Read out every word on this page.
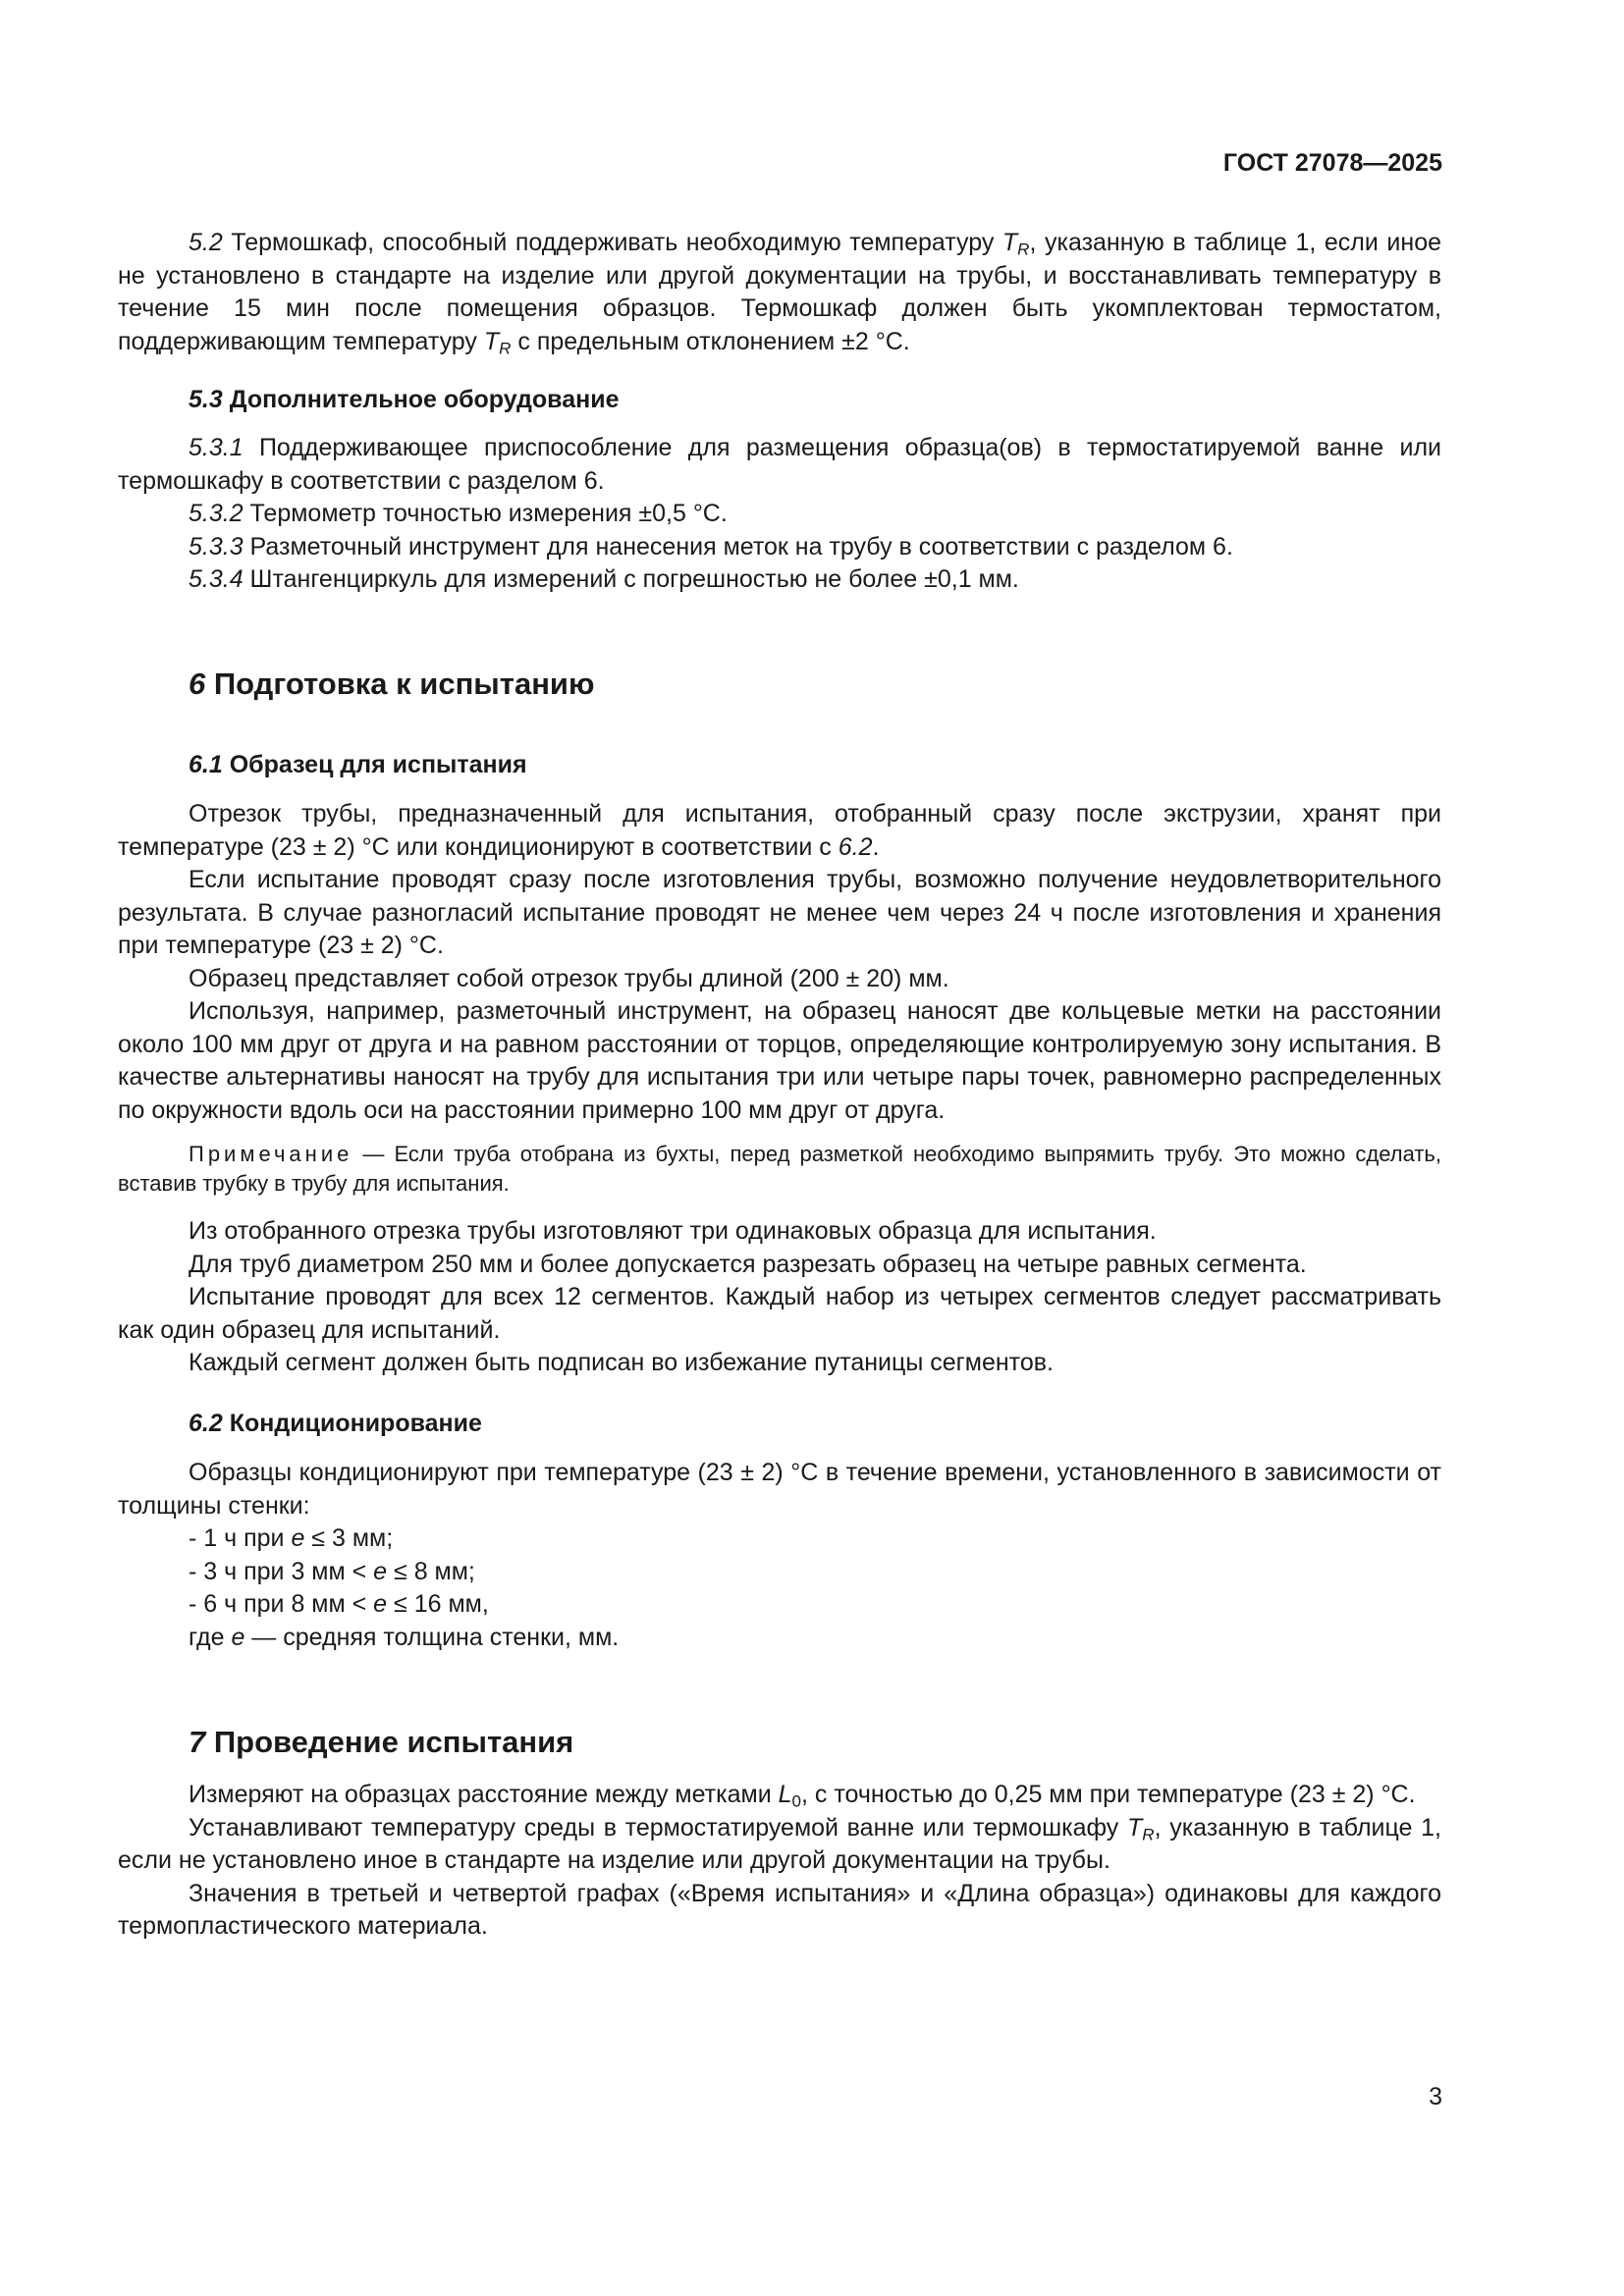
ГОСТ 27078—2025

5.2 Термошкаф, способный поддерживать необходимую температуру $T_R$, указанную в таблице 1, если иное не установлено в стандарте на изделие или другой документации на трубы, и восстанавливать температуру в течение 15 мин после помещения образцов. Термошкаф должен быть укомплектован термостатом, поддерживающим температуру $T_R$ с предельным отклонением ±2 °С.

5.3 Дополнительное оборудование

5.3.1 Поддерживающее приспособление для размещения образца(ов) в термостатируемой ванне или термошкафу в соответствии с разделом 6.

5.3.2 Термометр точностью измерения ±0,5 °С.

5.3.3 Разметочный инструмент для нанесения меток на трубу в соответствии с разделом 6.

5.3.4 Штангенциркуль для измерений с погрешностью не более ±0,1 мм.

6 Подготовка к испытанию
6.1 Образец для испытания

Отрезок трубы, предназначенный для испытания, отобранный сразу после экструзии, хранят при температуре (23 ± 2) °С или кондиционируют в соответствии с 6.2.

Если испытание проводят сразу после изготовления трубы, возможно получение неудовлетворительного результата. В случае разногласий испытание проводят не менее чем через 24 ч после изготовления и хранения при температуре (23 ± 2) °С.

Образец представляет собой отрезок трубы длиной (200 ± 20) мм.

Используя, например, разметочный инструмент, на образец наносят две кольцевые метки на расстоянии около 100 мм друг от друга и на равном расстоянии от торцов, определяющие контролируемую зону испытания. В качестве альтернативы наносят на трубу для испытания три или четыре пары точек, равномерно распределенных по окружности вдоль оси на расстоянии примерно 100 мм друг от друга.

Примечание — Если труба отобрана из бухты, перед разметкой необходимо выпрямить трубу. Это можно сделать, вставив трубку в трубу для испытания.

Из отобранного отрезка трубы изготовляют три одинаковых образца для испытания.

Для труб диаметром 250 мм и более допускается разрезать образец на четыре равных сегмента.

Испытание проводят для всех 12 сегментов. Каждый набор из четырех сегментов следует рассматривать как один образец для испытаний.

Каждый сегмент должен быть подписан во избежание путаницы сегментов.

6.2 Кондиционирование

Образцы кондиционируют при температуре (23 ± 2) °С в течение времени, установленного в зависимости от толщины стенки:

- 1 ч при e ≤ 3 мм;
- 3 ч при 3 мм < e ≤ 8 мм;
- 6 ч при 8 мм < e ≤ 16 мм,
где e — средняя толщина стенки, мм.
7 Проведение испытания

Измеряют на образцах расстояние между метками $L_0$, с точностью до 0,25 мм при температуре (23 ± 2) °С.

Устанавливают температуру среды в термостатируемой ванне или термошкафу $T_R$, указанную в таблице 1, если не установлено иное в стандарте на изделие или другой документации на трубы.

Значения в третьей и четвертой графах («Время испытания» и «Длина образца») одинаковы для каждого термопластического материала.

3
